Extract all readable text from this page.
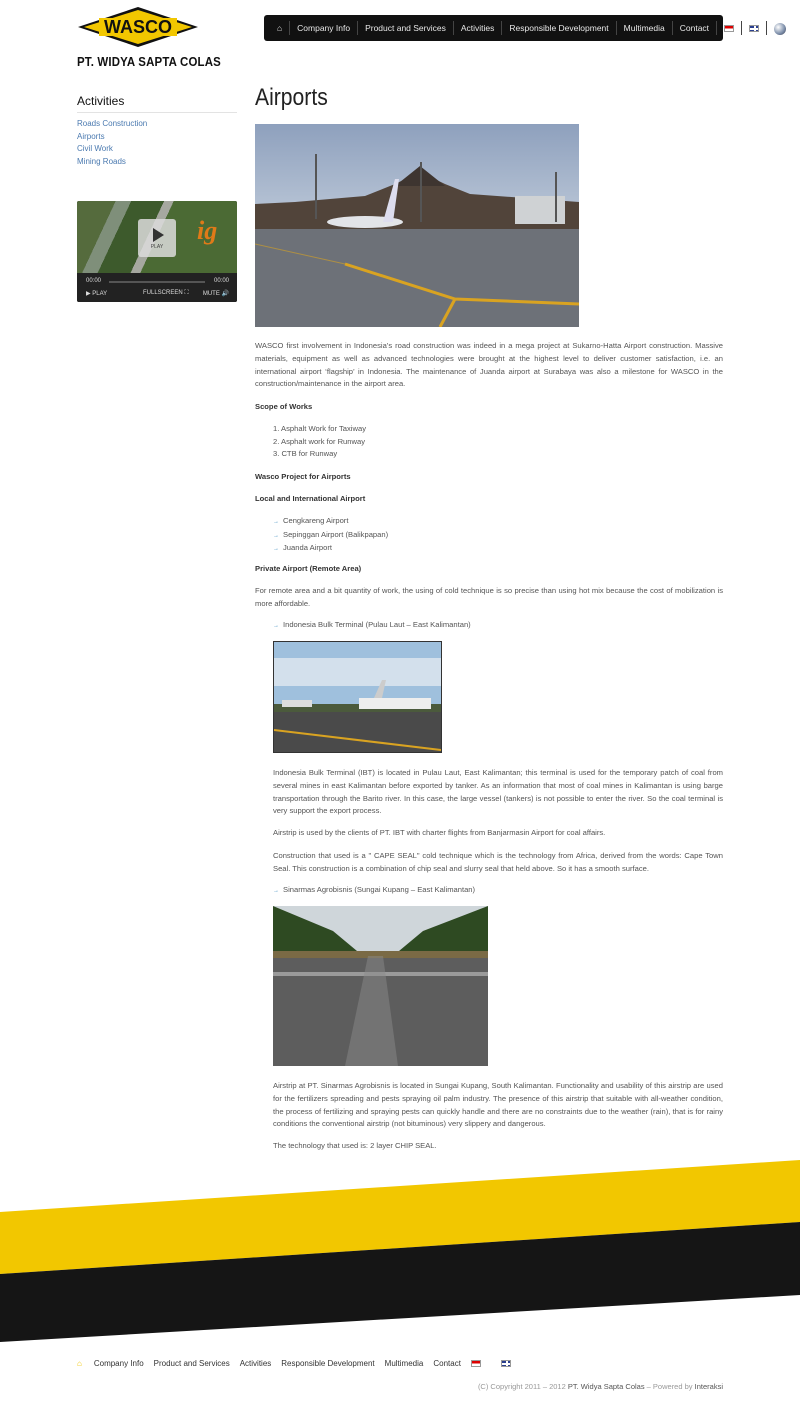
WASCO
PT. WIDYA SAPTA COLAS
⌂	Company Info	Product and Services	Activities	Responsible Development	Multimedia	Contact
Activities
Roads Construction
Airports
Civil Work
Mining Roads
ig
PLAY
00:00	00:00
▶ PLAY	FULLSCREEN ⛶ MUTE 🔊
Airports

WASCO first involvement in Indonesia’s road construction was indeed in a mega project at Sukarno-Hatta Airport construction. Massive materials, equipment as well as advanced technologies were brought at the highest level to deliver customer satisfaction, i.e. an international airport ‘flagship’ in Indonesia. The maintenance of Juanda airport at Surabaya was also a milestone for WASCO in the construction/maintenance in the airport area.

Scope of Works
1. Asphalt Work for Taxiway
2. Asphalt work for Runway
3. CTB for Runway
Wasco Project for Airports
Local and International Airport
→ Cengkareng Airport
→ Sepinggan Airport (Balikpapan)
→ Juanda Airport
Private Airport (Remote Area)

For remote area and a bit quantity of work, the using of cold technique is so precise than using hot mix because the cost of mobilization is more affordable.

→ Indonesia Bulk Terminal (Pulau Laut – East Kalimantan)

Indonesia Bulk Terminal (IBT) is located in Pulau Laut, East Kalimantan; this terminal is used for the temporary patch of coal from several mines in east Kalimantan before exported by tanker. As an information that most of coal mines in Kalimantan is using barge transportation through the Barito river. In this case, the large vessel (tankers) is not possible to enter the river. So the coal terminal is very support the export process.

Airstrip is used by the clients of PT. IBT with charter flights from Banjarmasin Airport for coal affairs.

Construction that used is a " CAPE SEAL" cold technique which is the technology from Africa, derived from the words: Cape Town Seal. This construction is a combination of chip seal and slurry seal that held above. So it has a smooth surface.

→ Sinarmas Agrobisnis (Sungai Kupang – East Kalimantan)

Airstrip at PT. Sinarmas Agrobisnis is located in Sungai Kupang, South Kalimantan. Functionality and usability of this airstrip are used for the fertilizers spreading and pests spraying oil palm industry. The presence of this airstrip that suitable with all-weather condition, the process of fertilizing and spraying pests can quickly handle and there are no constraints due to the weather (rain), that is for rainy conditions the conventional airstrip (not bituminous) very slippery and dangerous.

The technology that used is: 2 layer CHIP SEAL.

⌂ Company Info Product and Services Activities Responsible Development Multimedia Contact
(C) Copyright 2011 – 2012 PT. Widya Sapta Colas – Powered by Interaksi
